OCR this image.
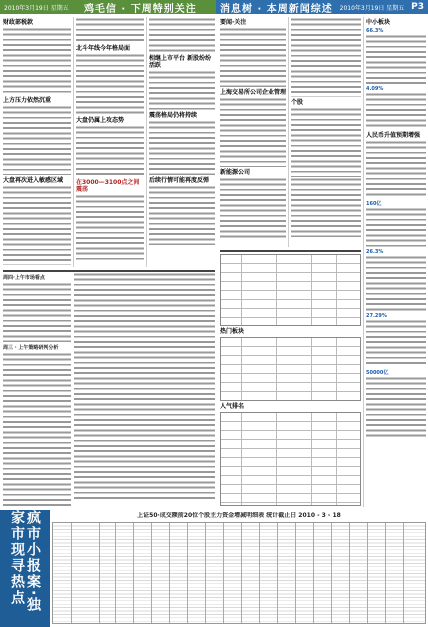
2010年3月19日 星期五 鸡毛信 · 下周特别关注 消息树 · 本周新闻综述 2010年3月19日 星期五 P3
财政部税款
上方压力依然沉重
大盘再次进入敏感区域
北斗年线今年格局面
大盘仍属上攻态势
在3000—3100点之间震荡
相继上市平台 新股纷纷活跃
震荡格局仍将持续
后续行情可能再度反弹
周四·上午市场看点
周三 · 上午策略研判分析
要闻·关注
上海交易所公司企业管理
新能源公司
个股
热门板块
人气排名
中小板块
66.3%
4.09%
人民币升值预期增强
160亿
26.3%
27.29%
50000亿
疯市小报案·独家市现寻热点	上证50·成交额前20位个股主力资金增减明细表 统计截止日 2010 - 3 - 18
